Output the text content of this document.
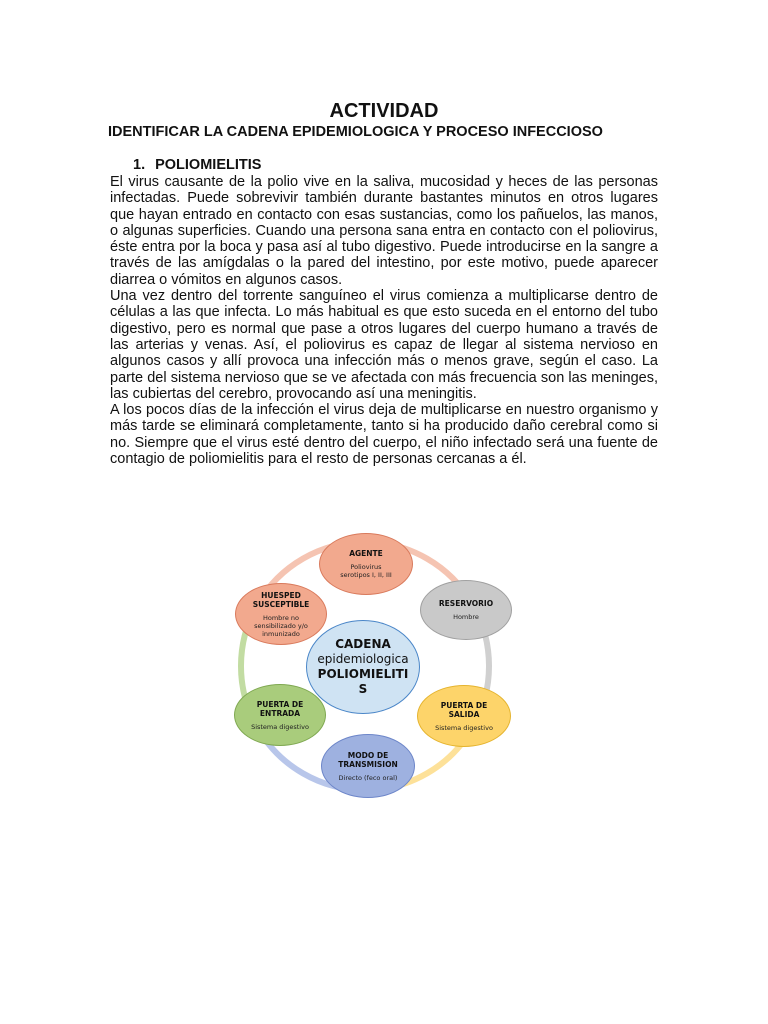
ACTIVIDAD
IDENTIFICAR LA CADENA EPIDEMIOLOGICA Y PROCESO INFECCIOSO
1. POLIOMIELITIS

El virus causante de la polio vive en la saliva, mucosidad y heces de las personas infectadas. Puede sobrevivir también durante bastantes minutos en otros lugares que hayan entrado en contacto con esas sustancias, como los pañuelos, las manos, o algunas superficies. Cuando una persona sana entra en contacto con el poliovirus, éste entra por la boca y pasa así al tubo digestivo. Puede introducirse en la sangre a través de las amígdalas o la pared del intestino, por este motivo, puede aparecer diarrea o vómitos en algunos casos.

Una vez dentro del torrente sanguíneo el virus comienza a multiplicarse dentro de células a las que infecta. Lo más habitual es que esto suceda en el entorno del tubo digestivo, pero es normal que pase a otros lugares del cuerpo humano a través de las arterias y venas. Así, el poliovirus es capaz de llegar al sistema nervioso en algunos casos y allí provoca una infección más o menos grave, según el caso. La parte del sistema nervioso que se ve afectada con más frecuencia son las meninges, las cubiertas del cerebro, provocando así una meningitis.

A los pocos días de la infección el virus deja de multiplicarse en nuestro organismo y más tarde se eliminará completamente, tanto si ha producido daño cerebral como si no. Siempre que el virus esté dentro del cuerpo, el niño infectado será una fuente de contagio de poliomielitis para el resto de personas cercanas a él.

CADENA
epidemiologica
POLIOMIELITI
S
AGENTE
Poliovirus serotipos I, II, III
RESERVORIO
Hombre
PUERTA DE SALIDA
Sistema digestivo
MODO DE TRANSMISION
Directo (feco oral)
PUERTA DE ENTRADA
Sistema digestivo
HUESPED SUSCEPTIBLE
Hombre no sensibilizado y/o inmunizado
